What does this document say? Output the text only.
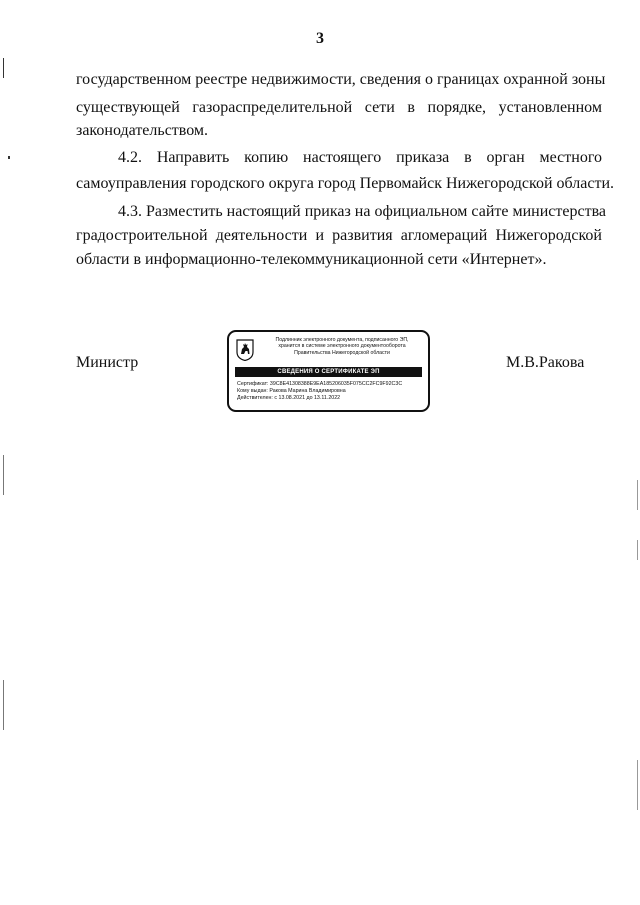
3
государственном реестре недвижимости, сведения о границах охранной зоны
существующей газораспределительной сети в порядке, установленном
законодательством.
4.2. Направить копию настоящего приказа в орган местного
самоуправления городского округа город Первомайск Нижегородской области.
4.3. Разместить настоящий приказ на официальном сайте министерства
градостроительной деятельности и развития агломераций Нижегородской
области в информационно-телекоммуникационной сети «Интернет».
Министр
Подлинник электронного документа, подписанного ЭП,
хранится в системе электронного документооборота
Правительства Нижегородской области
СВЕДЕНИЯ О СЕРТИФИКАТЕ ЭП
Сертификат: 39C8E41308388E9EA185206035F075CC2FC9F92C3C
Кому выдан: Ракова Марина Владимировна
Действителен: с 13.08.2021 до 13.11.2022
М.В.Ракова
